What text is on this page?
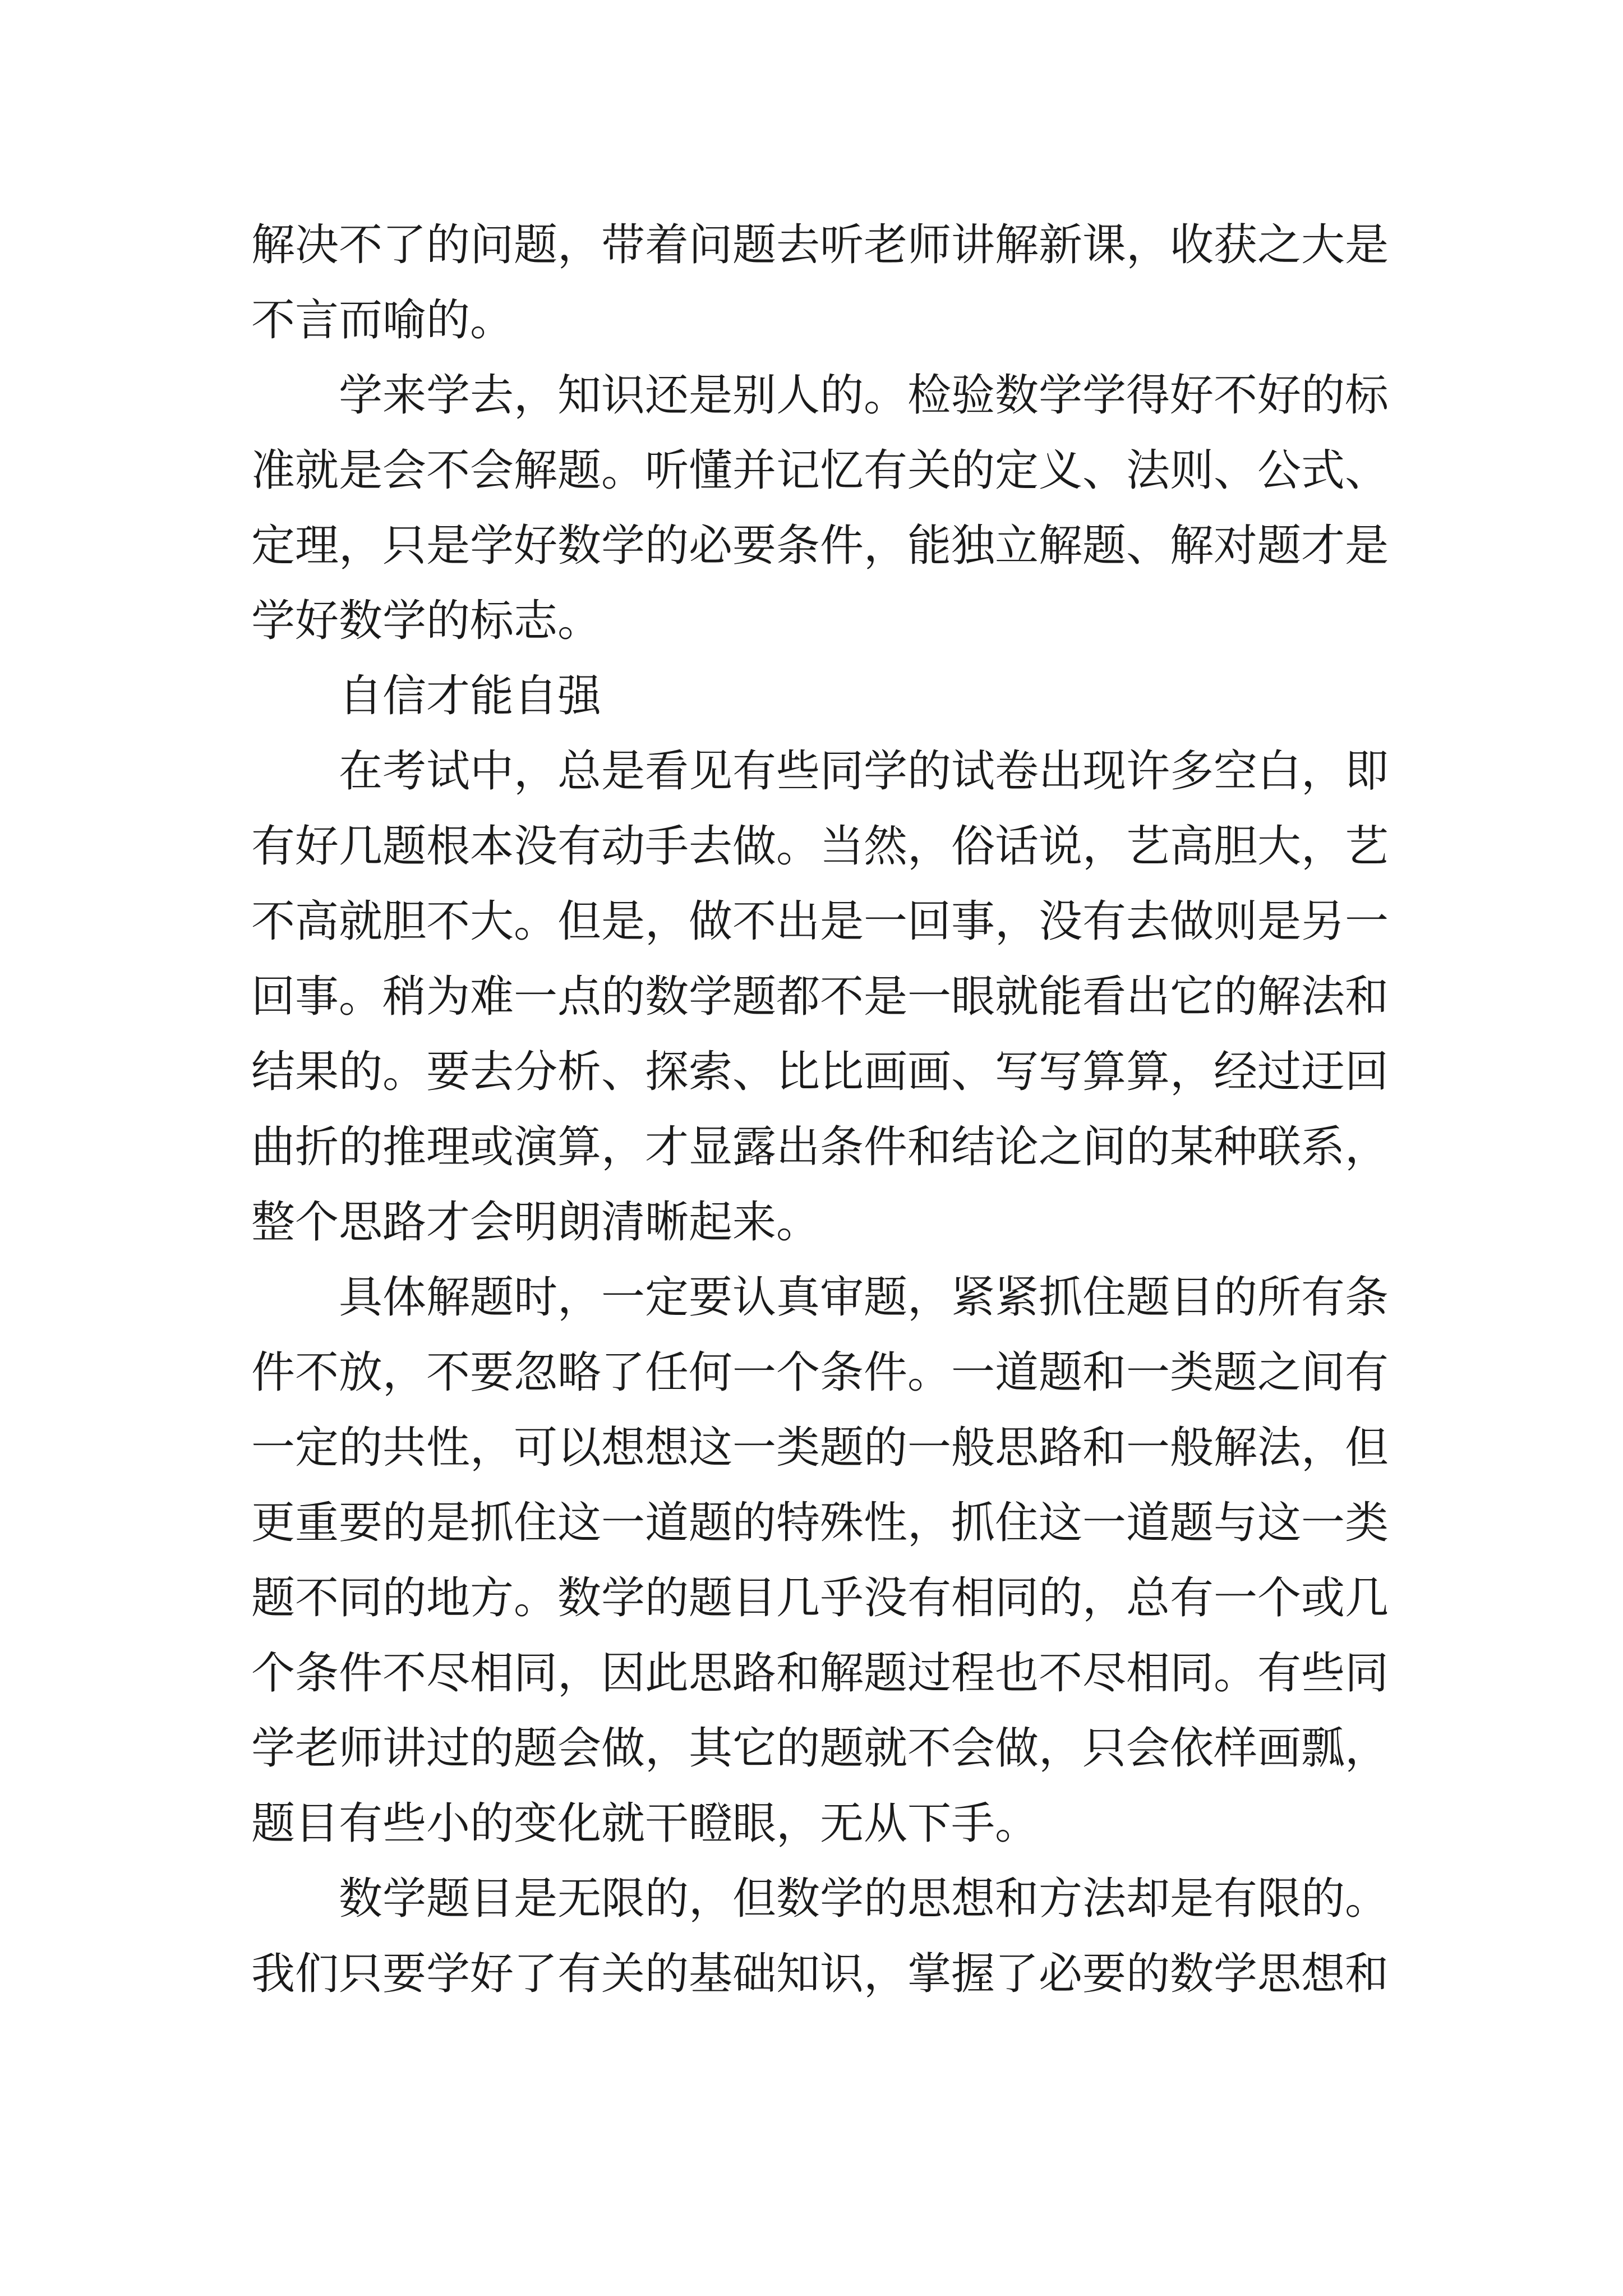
解决不了的问题，带着问题去听老师讲解新课，收获之大是
不言而喻的。
学来学去，知识还是别人的。检验数学学得好不好的标
准就是会不会解题。听懂并记忆有关的定义、法则、公式、
定理，只是学好数学的必要条件，能独立解题、解对题才是
学好数学的标志。
自信才能自强
在考试中，总是看见有些同学的试卷出现许多空白，即
有好几题根本没有动手去做。当然，俗话说，艺高胆大，艺
不高就胆不大。但是，做不出是一回事，没有去做则是另一
回事。稍为难一点的数学题都不是一眼就能看出它的解法和
结果的。要去分析、探索、比比画画、写写算算，经过迂回
曲折的推理或演算，才显露出条件和结论之间的某种联系，
整个思路才会明朗清晰起来。
具体解题时，一定要认真审题，紧紧抓住题目的所有条
件不放，不要忽略了任何一个条件。一道题和一类题之间有
一定的共性，可以想想这一类题的一般思路和一般解法，但
更重要的是抓住这一道题的特殊性，抓住这一道题与这一类
题不同的地方。数学的题目几乎没有相同的，总有一个或几
个条件不尽相同，因此思路和解题过程也不尽相同。有些同
学老师讲过的题会做，其它的题就不会做，只会依样画瓢，
题目有些小的变化就干瞪眼，无从下手。
数学题目是无限的，但数学的思想和方法却是有限的。
我们只要学好了有关的基础知识，掌握了必要的数学思想和
